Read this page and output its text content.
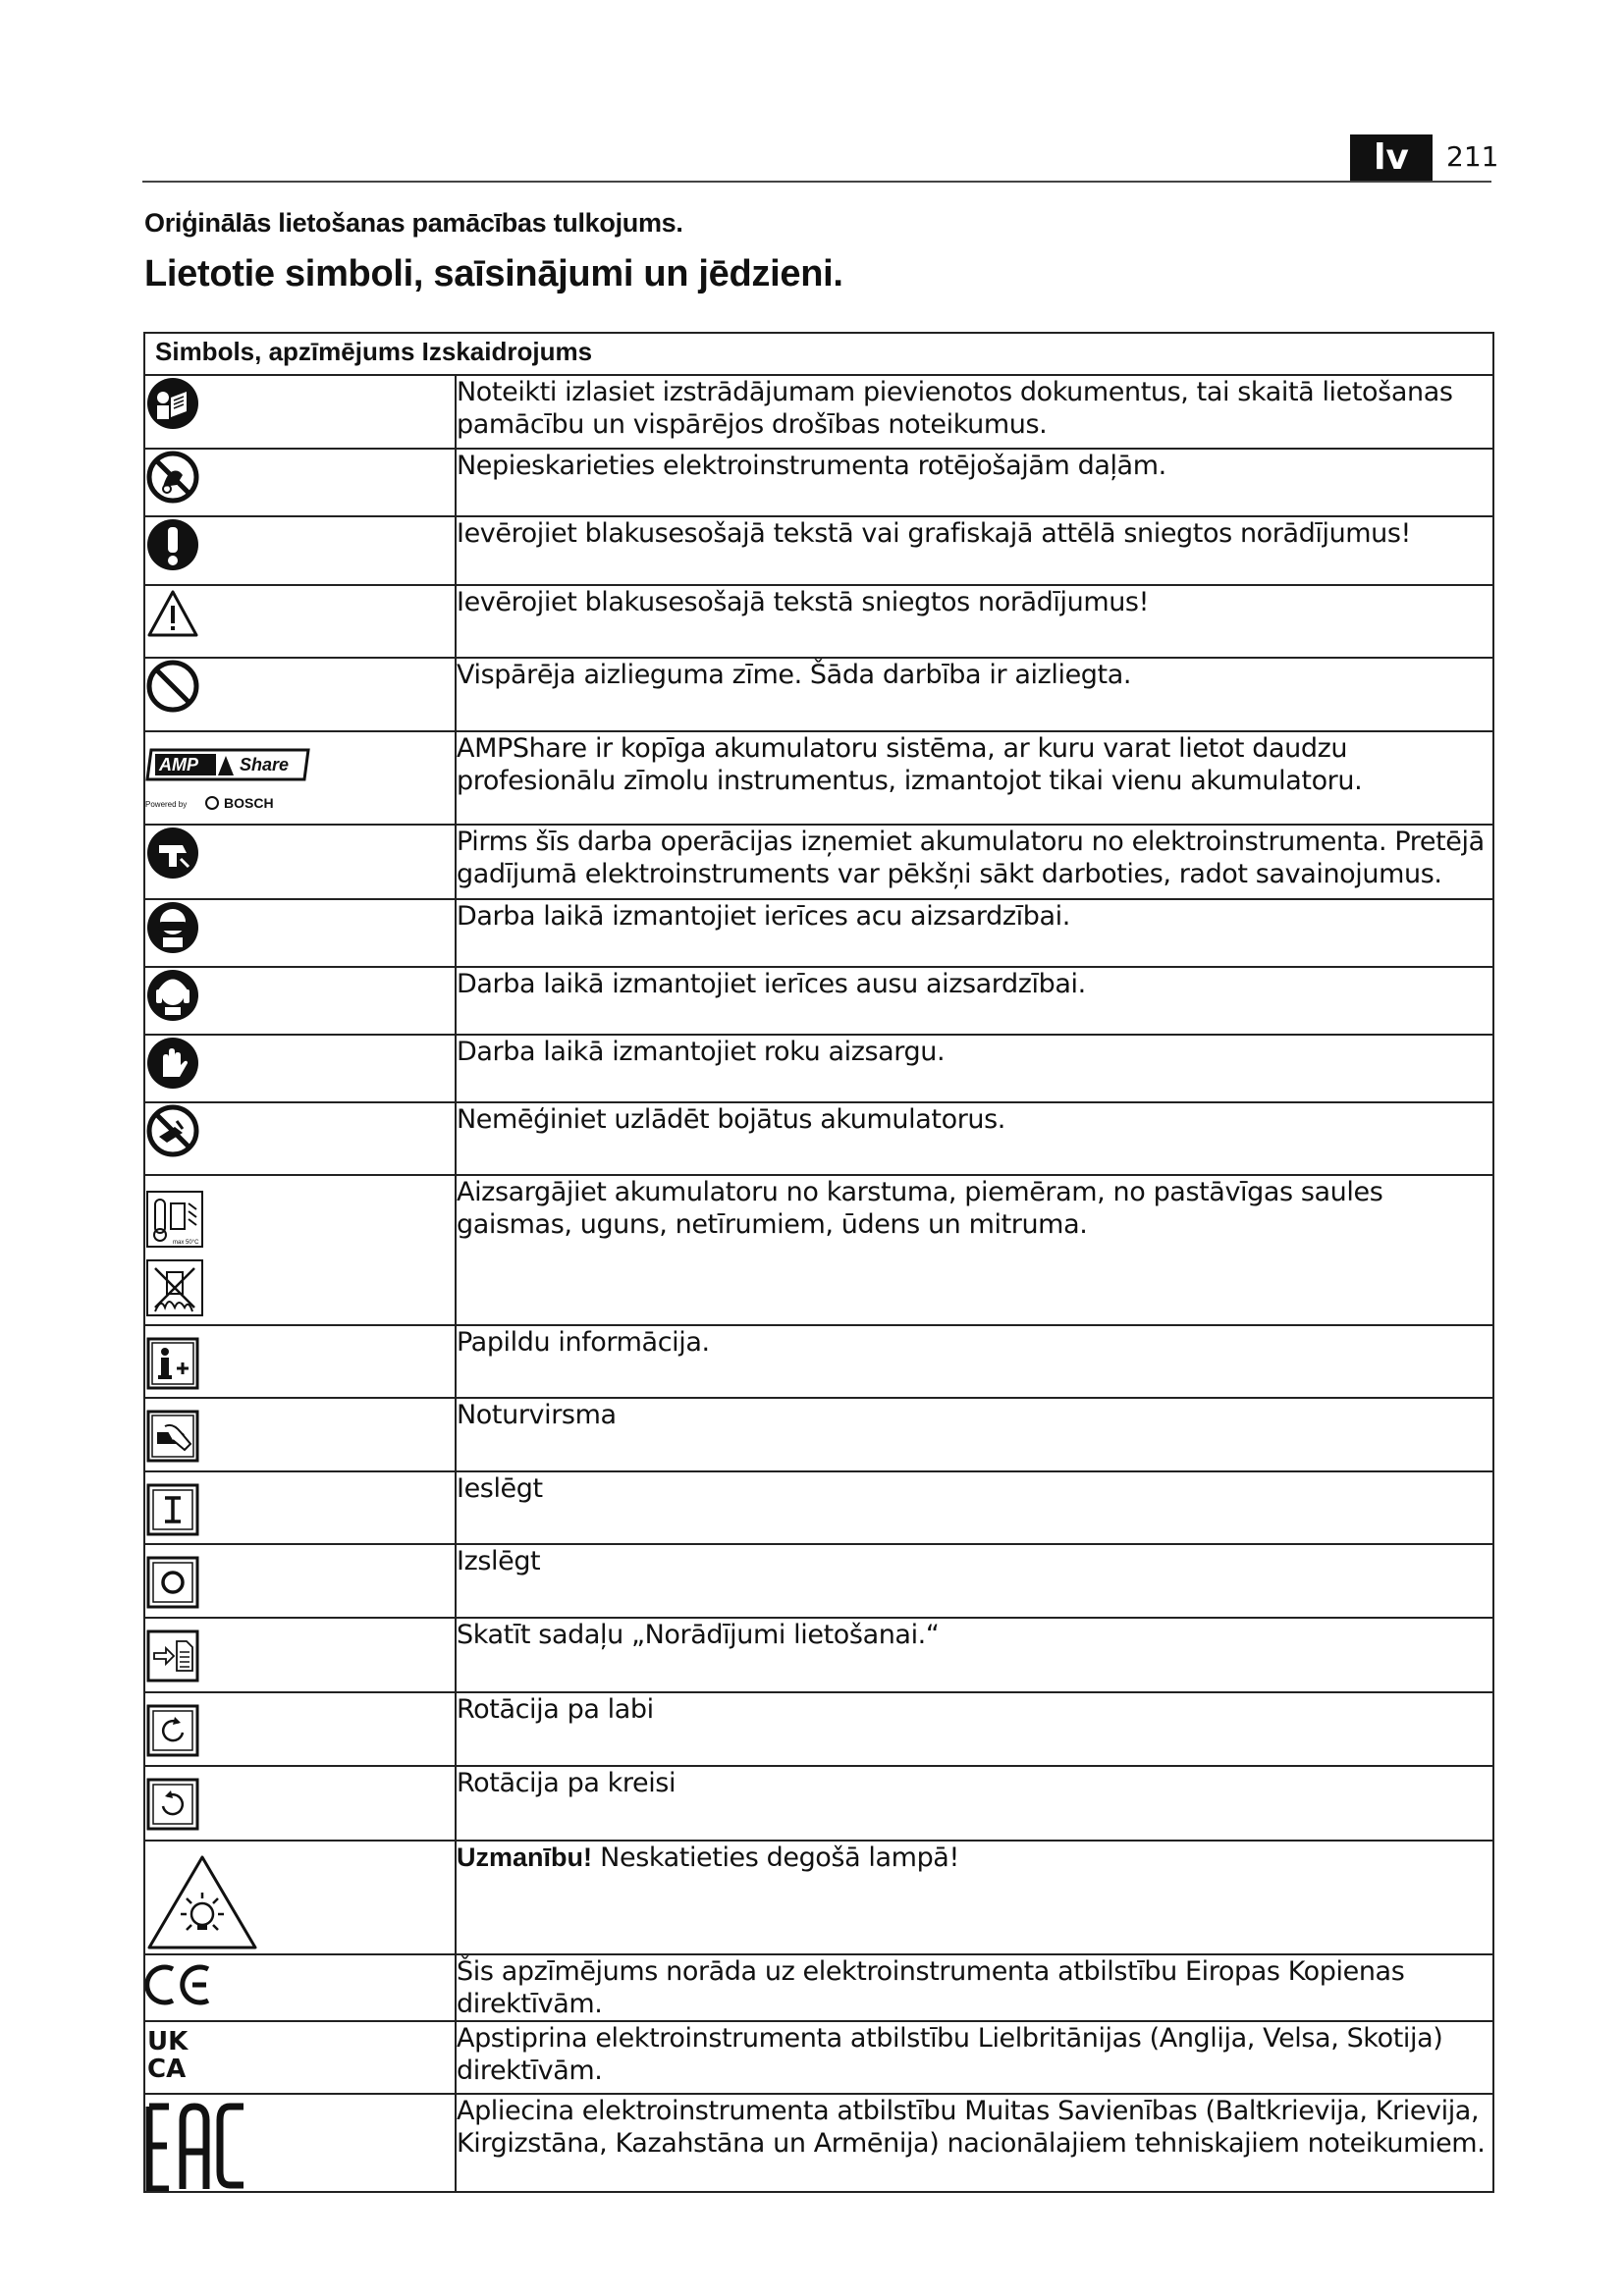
lv	211
Oriģinālās lietošanas pamācības tulkojums.
Lietotie simboli, saīsinājumi un jēdzieni.
Simbols, apzīmējums Izskaidrojums	

	Noteikti izlasiet izstrādājumam pievienotos dokumentus, tai skaitā lietošanas pamācību un vispārējos drošības noteikumus.

	Nepieskarieties elektroinstrumenta rotējošajām daļām.

	Ievērojiet blakusesošajā tekstā vai grafiskajā attēlā sniegtos norādījumus!

	Ievērojiet blakusesošajā tekstā sniegtos norādījumus!

	Vispārēja aizlieguma zīme. Šāda darbība ir aizliegta.

AMP Share
Powered by BOSCH	AMPShare ir kopīga akumulatoru sistēma, ar kuru varat lietot daudzu profesionālu zīmolu instrumentus, izmantojot tikai vienu akumulatoru.

	Pirms šīs darba operācijas izņemiet akumulatoru no elektroinstrumenta. Pretējā gadījumā elektroinstruments var pēkšņi sākt darboties, radot savainojumus.

	Darba laikā izmantojiet ierīces acu aizsardzībai.

	Darba laikā izmantojiet ierīces ausu aizsardzībai.

	Darba laikā izmantojiet roku aizsargu.

	Nemēģiniet uzlādēt bojātus akumulatorus.

max 50°C	Aizsargājiet akumulatoru no karstuma, piemēram, no pastāvīgas saules gaismas, uguns, netīrumiem, ūdens un mitruma.

	Papildu informācija.

	Noturvirsma

	Ieslēgt

	Izslēgt

	Skatīt sadaļu „Norādījumi lietošanai.“

	Rotācija pa labi

	Rotācija pa kreisi

	Uzmanību! Neskatieties degošā lampā!

	Šis apzīmējums norāda uz elektroinstrumenta atbilstību Eiropas Kopienas direktīvām.

UK
CA	Apstiprina elektroinstrumenta atbilstību Lielbritānijas (Anglija, Velsa, Skotija) direktīvām.

	Apliecina elektroinstrumenta atbilstību Muitas Savienības (Baltkrievija, Krievija, Kirgizstāna, Kazahstāna un Armēnija) nacionālajiem tehniskajiem noteikumiem.
